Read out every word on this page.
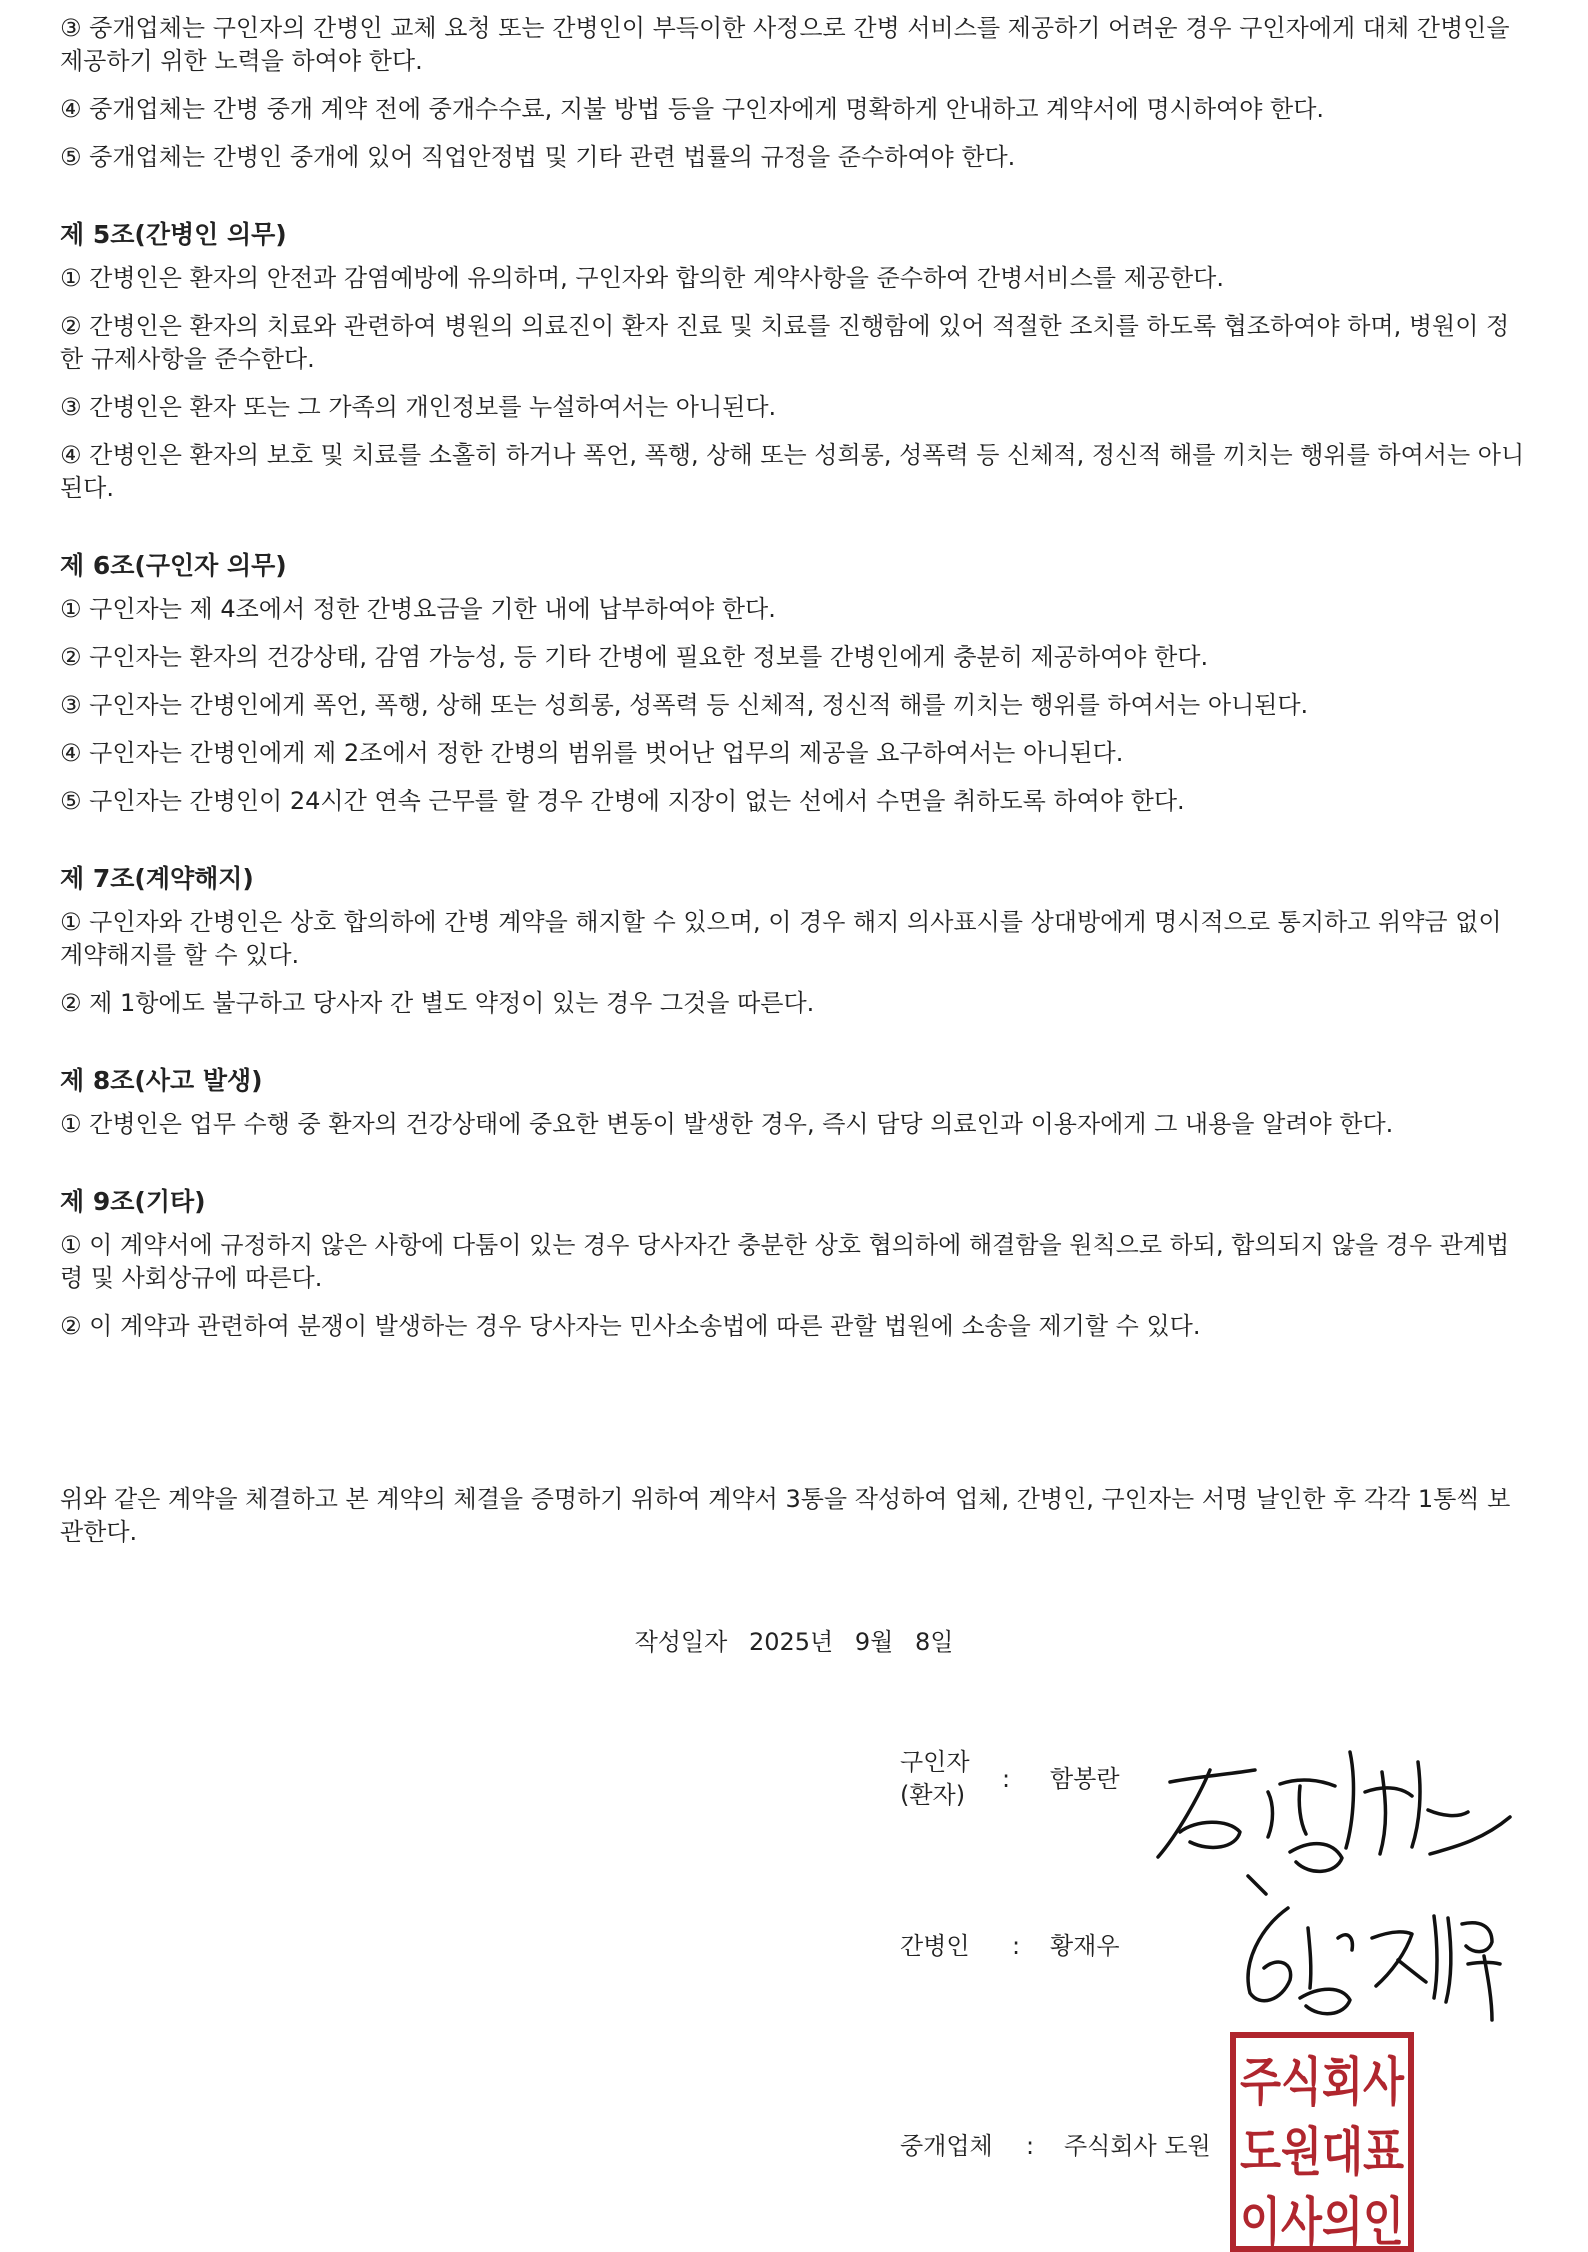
③ 중개업체는 구인자의 간병인 교체 요청 또는 간병인이 부득이한 사정으로 간병 서비스를 제공하기 어려운 경우 구인자에게 대체 간병인을 제공하기 위한 노력을 하여야 한다.

④ 중개업체는 간병 중개 계약 전에 중개수수료, 지불 방법 등을 구인자에게 명확하게 안내하고 계약서에 명시하여야 한다.

⑤ 중개업체는 간병인 중개에 있어 직업안정법 및 기타 관련 법률의 규정을 준수하여야 한다.

제 5조(간병인 의무)

① 간병인은 환자의 안전과 감염예방에 유의하며, 구인자와 합의한 계약사항을 준수하여 간병서비스를 제공한다.

② 간병인은 환자의 치료와 관련하여 병원의 의료진이 환자 진료 및 치료를 진행함에 있어 적절한 조치를 하도록 협조하여야 하며, 병원이 정한 규제사항을 준수한다.

③ 간병인은 환자 또는 그 가족의 개인정보를 누설하여서는 아니된다.

④ 간병인은 환자의 보호 및 치료를 소홀히 하거나 폭언, 폭행, 상해 또는 성희롱, 성폭력 등 신체적, 정신적 해를 끼치는 행위를 하여서는 아니된다.

제 6조(구인자 의무)

① 구인자는 제 4조에서 정한 간병요금을 기한 내에 납부하여야 한다.

② 구인자는 환자의 건강상태, 감염 가능성, 등 기타 간병에 필요한 정보를 간병인에게 충분히 제공하여야 한다.

③ 구인자는 간병인에게 폭언, 폭행, 상해 또는 성희롱, 성폭력 등 신체적, 정신적 해를 끼치는 행위를 하여서는 아니된다.

④ 구인자는 간병인에게 제 2조에서 정한 간병의 범위를 벗어난 업무의 제공을 요구하여서는 아니된다.

⑤ 구인자는 간병인이 24시간 연속 근무를 할 경우 간병에 지장이 없는 선에서 수면을 취하도록 하여야 한다.

제 7조(계약해지)

① 구인자와 간병인은 상호 합의하에 간병 계약을 해지할 수 있으며, 이 경우 해지 의사표시를 상대방에게 명시적으로 통지하고 위약금 없이 계약해지를 할 수 있다.

② 제 1항에도 불구하고 당사자 간 별도 약정이 있는 경우 그것을 따른다.

제 8조(사고 발생)

① 간병인은 업무 수행 중 환자의 건강상태에 중요한 변동이 발생한 경우, 즉시 담당 의료인과 이용자에게 그 내용을 알려야 한다.

제 9조(기타)

① 이 계약서에 규정하지 않은 사항에 다툼이 있는 경우 당사자간 충분한 상호 협의하에 해결함을 원칙으로 하되, 합의되지 않을 경우 관계법령 및 사회상규에 따른다.

② 이 계약과 관련하여 분쟁이 발생하는 경우 당사자는 민사소송법에 따른 관할 법원에 소송을 제기할 수 있다.

위와 같은 계약을 체결하고 본 계약의 체결을 증명하기 위하여 계약서 3통을 작성하여 업체, 간병인, 구인자는 서명 날인한 후 각각 1통씩 보관한다.

작성일자 2025년 9월 8일
구인자
(환자)
: 함봉란
간병인 : 황재우
중개업체 : 주식회사 도원
주식회사
도원대표
이사의인
